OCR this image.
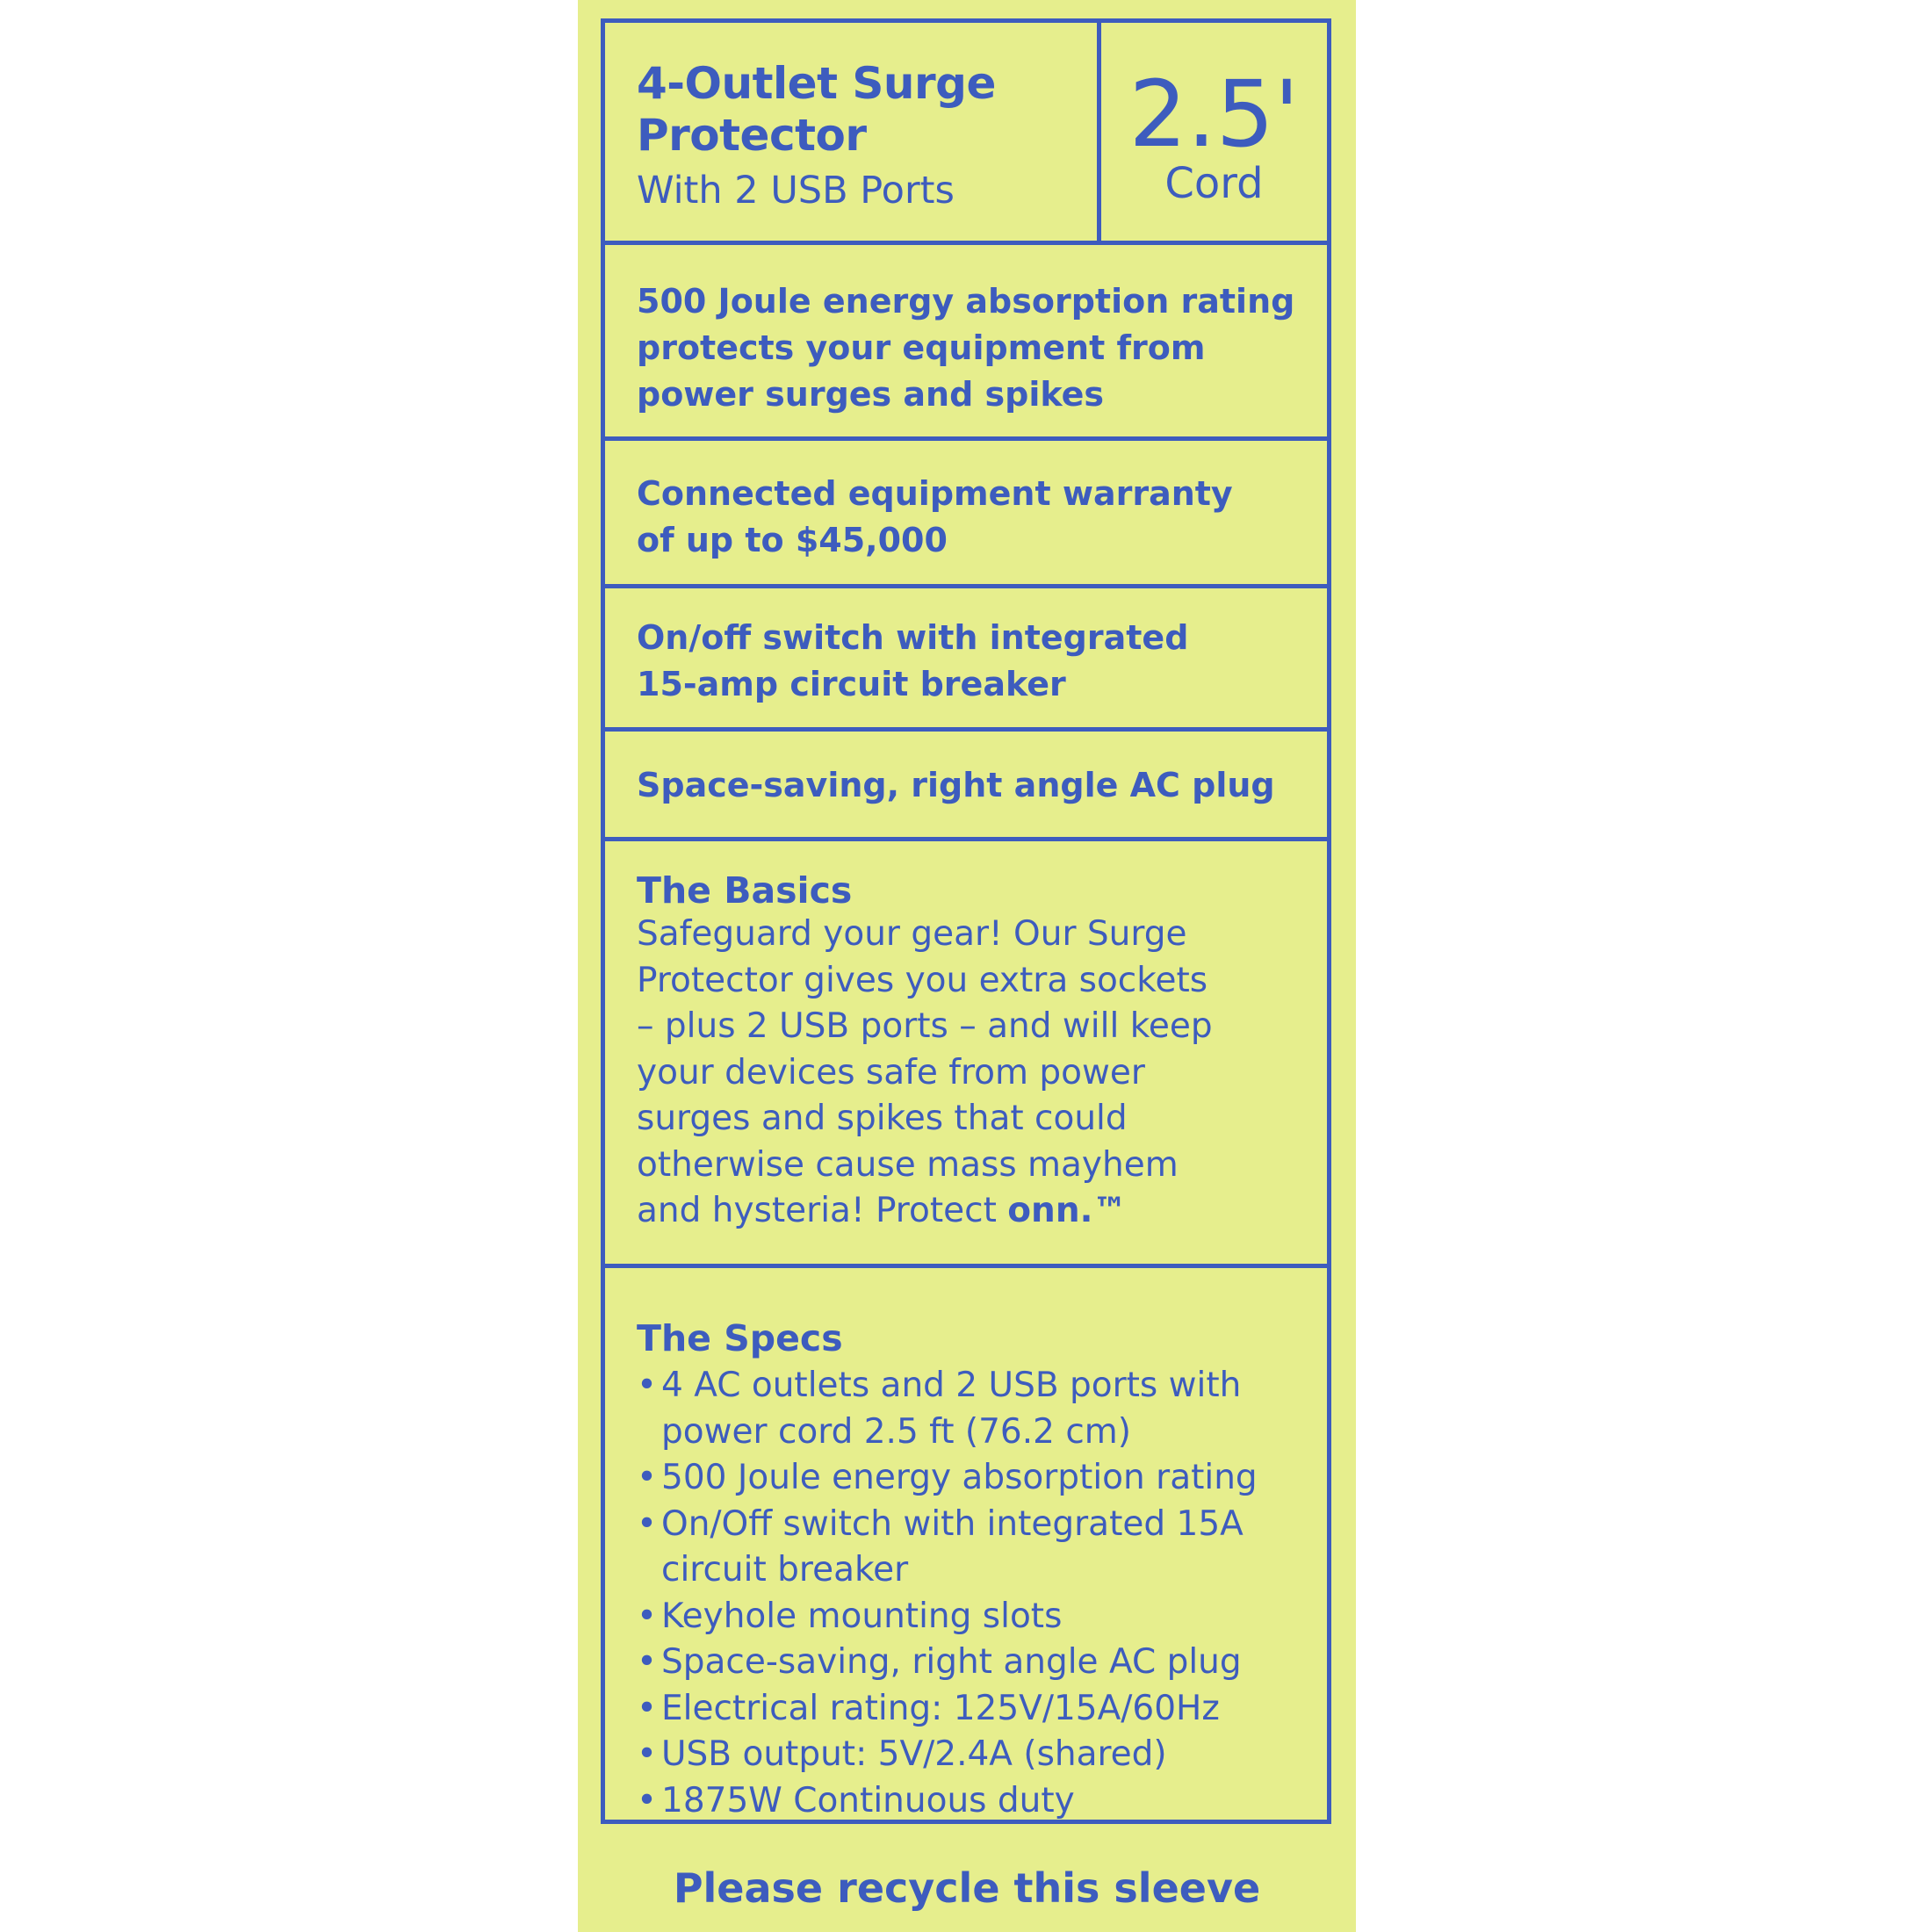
4-Outlet Surge
Protector
With 2 USB Ports
2.5'
Cord
500 Joule energy absorption rating
protects your equipment from
power surges and spikes
Connected equipment warranty
of up to $45,000
On/off switch with integrated
15-amp circuit breaker
Space-saving, right angle AC plug
The Basics
Safeguard your gear! Our Surge
Protector gives you extra sockets
– plus 2 USB ports – and will keep
your devices safe from power
surges and spikes that could
otherwise cause mass mayhem
and hysteria! Protect onn.™
The Specs
• 4 AC outlets and 2 USB ports with
power cord 2.5 ft (76.2 cm)
• 500 Joule energy absorption rating
• On/Off switch with integrated 15A
circuit breaker
• Keyhole mounting slots
• Space-saving, right angle AC plug
• Electrical rating: 125V/15A/60Hz
• USB output: 5V/2.4A (shared)
• 1875W Continuous duty
Please recycle this sleeve
